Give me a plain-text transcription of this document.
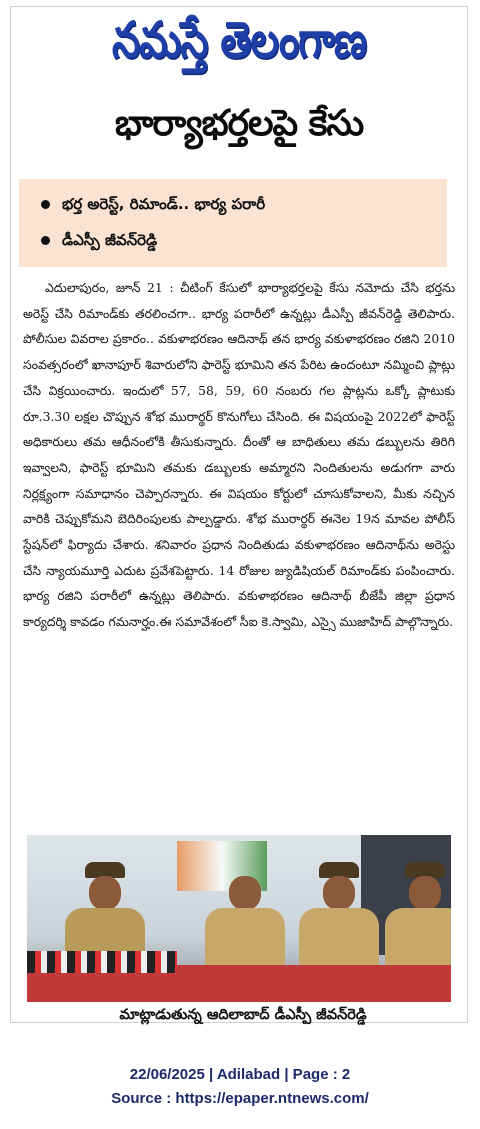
నమస్తే తెలంగాణ
భార్యాభర్తలపై కేసు
భర్త అరెస్ట్, రిమాండ్.. భార్య పరారీ
డీఎస్పీ జీవన్‌రెడ్డి
ఎదులాపురం, జూన్ 21 : చీటింగ్ కేసులో భార్యాభర్తలపై కేసు నమోదు చేసి భర్తను అరెస్ట్ చేసి రిమాండ్‌కు తరలించగా.. భార్య పరారీలో ఉన్నట్లు డీఎస్పీ జీవన్‌రెడ్డి తెలిపారు. పోలీసుల వివరాల ప్రకారం.. వకుళాభరణం ఆదినాథ్ తన భార్య వకుళాభరణం రజిని 2010 సంవత్సరంలో ఖానాపూర్ శివారులోని ఫారెస్ట్ భూమిని తన పేరిట ఉందంటూ నమ్మించి ప్లాట్లు చేసి విక్రయించారు. ఇందులో 57, 58, 59, 60 నంబరు గల ప్లాట్లను ఒక్కో ప్లాటుకు రూ.3.30 లక్షల చొప్పున శోభ మురార్థర్ కొనుగోలు చేసింది. ఈ విషయంపై 2022లో ఫారెస్ట్ అధికారులు తమ ఆధీనంలోకి తీసుకున్నారు. దీంతో ఆ బాధితులు తమ డబ్బులను తిరిగి ఇవ్వాలని, ఫారెస్ట్ భూమిని తమకు డబ్బులకు అమ్మారని నిందితులను అడుగగా వారు నిర్లక్ష్యంగా సమాధానం చెప్పారన్నారు. ఈ విషయం కోర్టులో చూసుకోవాలని, మీకు నచ్చిన వారికి చెప్పుకోమని బెదిరింపులకు పాల్పడ్డారు. శోభ మురార్థర్ ఈనెల 19న మావల పోలీస్ స్టేషన్‌లో ఫిర్యాదు చేశారు. శనివారం ప్రధాన నిందితుడు వకుళాభరణం ఆదినాథ్‌ను అరెస్టు చేసి న్యాయమూర్తి ఎదుట ప్రవేశపెట్టారు. 14 రోజుల జ్యుడిషియల్ రిమాండ్‌కు పంపించారు. భార్య రజిని పరారీలో ఉన్నట్లు తెలిపారు. వకుళాభరణం ఆదినాథ్ బీజేపీ జిల్లా ప్రధాన కార్యదర్శి కావడం గమనార్హం.ఈ సమావేశంలో సీఐ కె.స్వామి, ఎస్సై ముజాహిద్ పాల్గొన్నారు.
మాట్లాడుతున్న ఆదిలాబాద్ డీఎస్పీ జీవన్‌రెడ్డి
22/06/2025 | Adilabad | Page : 2
Source : https://epaper.ntnews.com/
